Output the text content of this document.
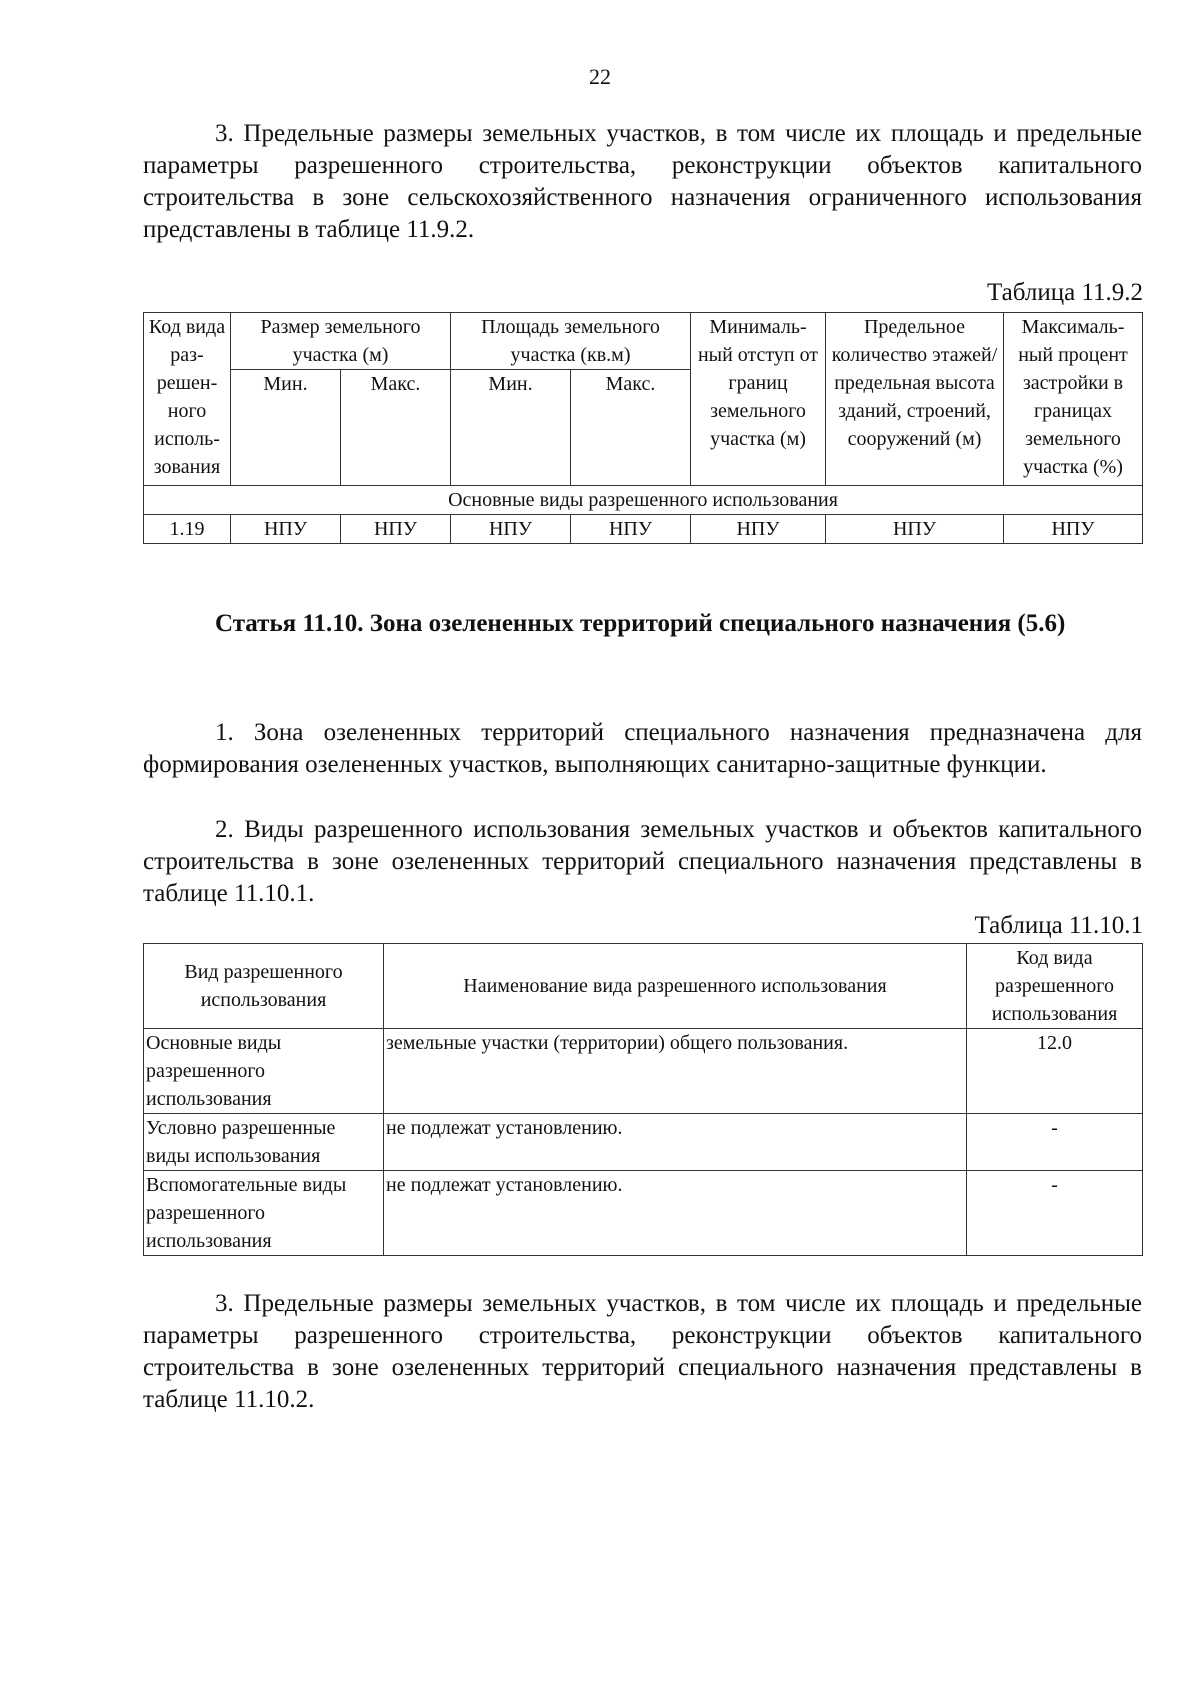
22

3. Предельные размеры земельных участков, в том числе их площадь и предельные параметры разрешенного строительства, реконструкции объектов капитального строительства в зоне сельскохозяйственного назначения ограниченного использования представлены в таблице 11.9.2.

Таблица 11.9.2
Код вида раз-решен-ного исполь-зования	Размер земельного участка (м)		Площадь земельного участка (кв.м)		Минималь-ный отступ от границ земельного участка (м)	Предельное количество этажей/ предельная высота зданий, строений, сооружений (м)	Максималь-ный процент застройки в границах земельного участка (%)
	Мин.	Макс.	Мин.	Макс.			
Основные виды разрешенного использования							
1.19	НПУ	НПУ	НПУ	НПУ	НПУ	НПУ	НПУ

Статья 11.10. Зона озелененных территорий специального назначения (5.6)

1. Зона озелененных территорий специального назначения предназначена для формирования озелененных участков, выполняющих санитарно-защитные функции.

2. Виды разрешенного использования земельных участков и объектов капитального строительства в зоне озелененных территорий специального назначения представлены в таблице 11.10.1.

Таблица 11.10.1
Вид разрешенного использования	Наименование вида разрешенного использования	Код вида разрешенного использования
Основные виды разрешенного использования	земельные участки (территории) общего пользования.	12.0
Условно разрешенные виды использования	не подлежат установлению.	-
Вспомогательные виды разрешенного использования	не подлежат установлению.	-

3. Предельные размеры земельных участков, в том числе их площадь и предельные параметры разрешенного строительства, реконструкции объектов капитального строительства в зоне озелененных территорий специального назначения представлены в таблице 11.10.2.
